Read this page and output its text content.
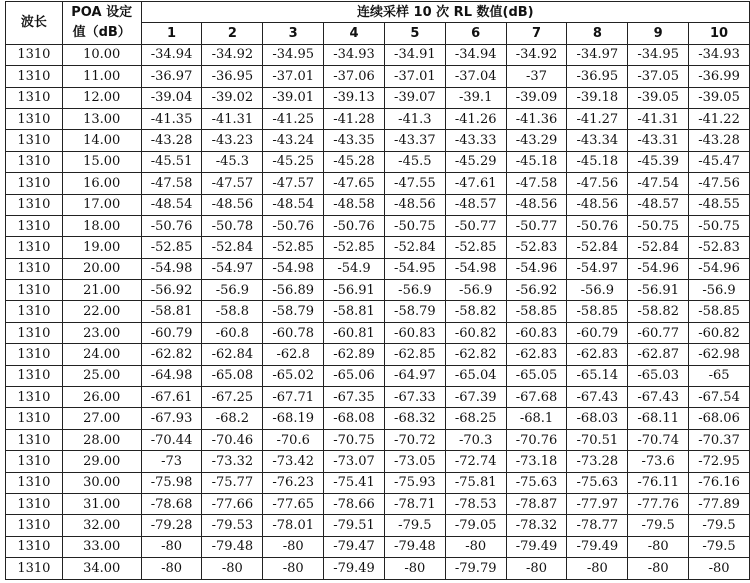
波长	POA 设定
值（dB）	连续采样 10 次 RL 数值(dB)									
		1	2	3	4	5	6	7	8	9	10
1310	10.00	-34.94	-34.92	-34.95	-34.93	-34.91	-34.94	-34.92	-34.97	-34.95	-34.93
1310	11.00	-36.97	-36.95	-37.01	-37.06	-37.01	-37.04	-37	-36.95	-37.05	-36.99
1310	12.00	-39.04	-39.02	-39.01	-39.13	-39.07	-39.1	-39.09	-39.18	-39.05	-39.05
1310	13.00	-41.35	-41.31	-41.25	-41.28	-41.3	-41.26	-41.36	-41.27	-41.31	-41.22
1310	14.00	-43.28	-43.23	-43.24	-43.35	-43.37	-43.33	-43.29	-43.34	-43.31	-43.28
1310	15.00	-45.51	-45.3	-45.25	-45.28	-45.5	-45.29	-45.18	-45.18	-45.39	-45.47
1310	16.00	-47.58	-47.57	-47.57	-47.65	-47.55	-47.61	-47.58	-47.56	-47.54	-47.56
1310	17.00	-48.54	-48.56	-48.54	-48.58	-48.56	-48.57	-48.56	-48.56	-48.57	-48.55
1310	18.00	-50.76	-50.78	-50.76	-50.76	-50.75	-50.77	-50.77	-50.76	-50.75	-50.75
1310	19.00	-52.85	-52.84	-52.85	-52.85	-52.84	-52.85	-52.83	-52.84	-52.84	-52.83
1310	20.00	-54.98	-54.97	-54.98	-54.9	-54.95	-54.98	-54.96	-54.97	-54.96	-54.96
1310	21.00	-56.92	-56.9	-56.89	-56.91	-56.9	-56.9	-56.92	-56.9	-56.91	-56.9
1310	22.00	-58.81	-58.8	-58.79	-58.81	-58.79	-58.82	-58.85	-58.85	-58.82	-58.85
1310	23.00	-60.79	-60.8	-60.78	-60.81	-60.83	-60.82	-60.83	-60.79	-60.77	-60.82
1310	24.00	-62.82	-62.84	-62.8	-62.89	-62.85	-62.82	-62.83	-62.83	-62.87	-62.98
1310	25.00	-64.98	-65.08	-65.02	-65.06	-64.97	-65.04	-65.05	-65.14	-65.03	-65
1310	26.00	-67.61	-67.25	-67.71	-67.35	-67.33	-67.39	-67.68	-67.43	-67.43	-67.54
1310	27.00	-67.93	-68.2	-68.19	-68.08	-68.32	-68.25	-68.1	-68.03	-68.11	-68.06
1310	28.00	-70.44	-70.46	-70.6	-70.75	-70.72	-70.3	-70.76	-70.51	-70.74	-70.37
1310	29.00	-73	-73.32	-73.42	-73.07	-73.05	-72.74	-73.18	-73.28	-73.6	-72.95
1310	30.00	-75.98	-75.77	-76.23	-75.41	-75.93	-75.81	-75.63	-75.63	-76.11	-76.16
1310	31.00	-78.68	-77.66	-77.65	-78.66	-78.71	-78.53	-78.87	-77.97	-77.76	-77.89
1310	32.00	-79.28	-79.53	-78.01	-79.51	-79.5	-79.05	-78.32	-78.77	-79.5	-79.5
1310	33.00	-80	-79.48	-80	-79.47	-79.48	-80	-79.49	-79.49	-80	-79.5
1310	34.00	-80	-80	-80	-79.49	-80	-79.79	-80	-80	-80	-80
